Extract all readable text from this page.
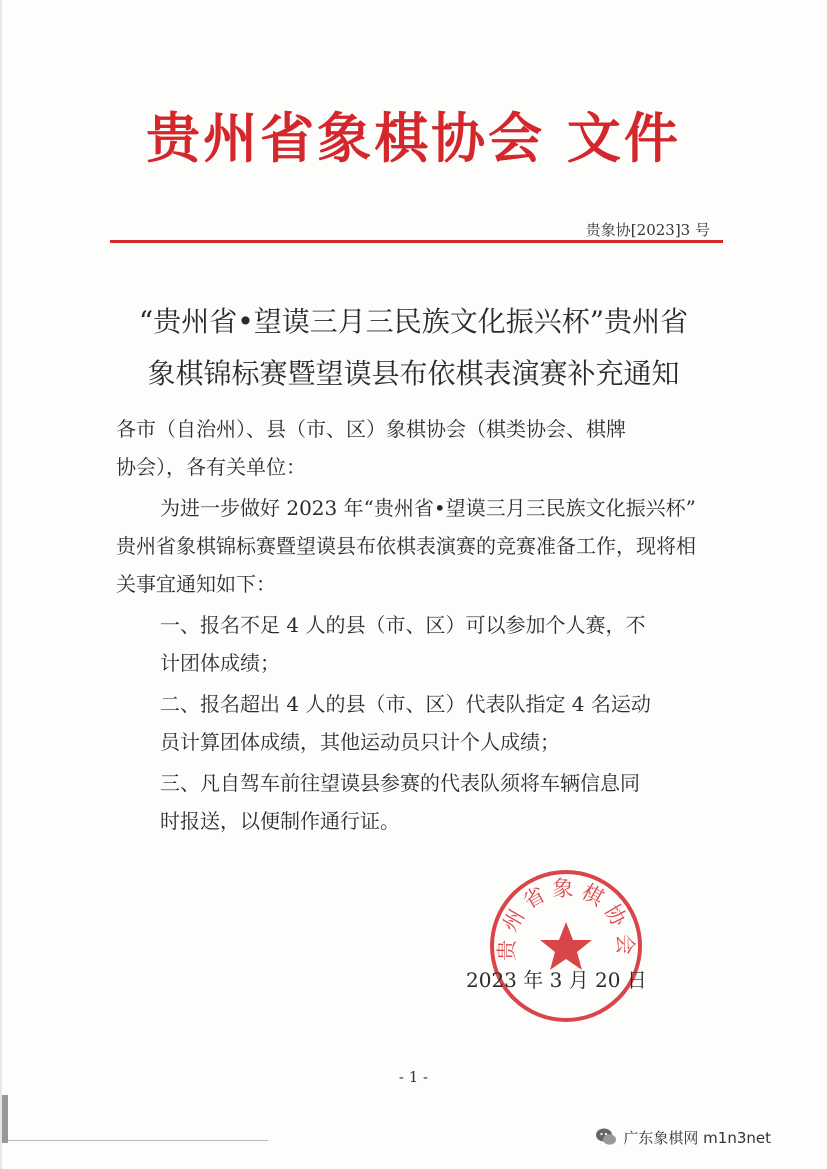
贵州省象棋协会 文件
贵象协[2023]3 号
“贵州省•望谟三月三民族文化振兴杯”贵州省
象棋锦标赛暨望谟县布依棋表演赛补充通知
各市（自治州）、县（市、区）象棋协会（棋类协会、棋牌
协会），各有关单位：
为进一步做好 2023 年“贵州省•望谟三月三民族文化振兴杯”
贵州省象棋锦标赛暨望谟县布依棋表演赛的竞赛准备工作，现将相
关事宜通知如下：
一、报名不足 4 人的县（市、区）可以参加个人赛，不
计团体成绩；
二、报名超出 4 人的县（市、区）代表队指定 4 名运动
员计算团体成绩，其他运动员只计个人成绩；
三、凡自驾车前往望谟县参赛的代表队须将车辆信息同
时报送，以便制作通行证。
贵州省象棋协会
2023 年 3 月 20 日
- 1 -
广东象棋网 m1n3net
